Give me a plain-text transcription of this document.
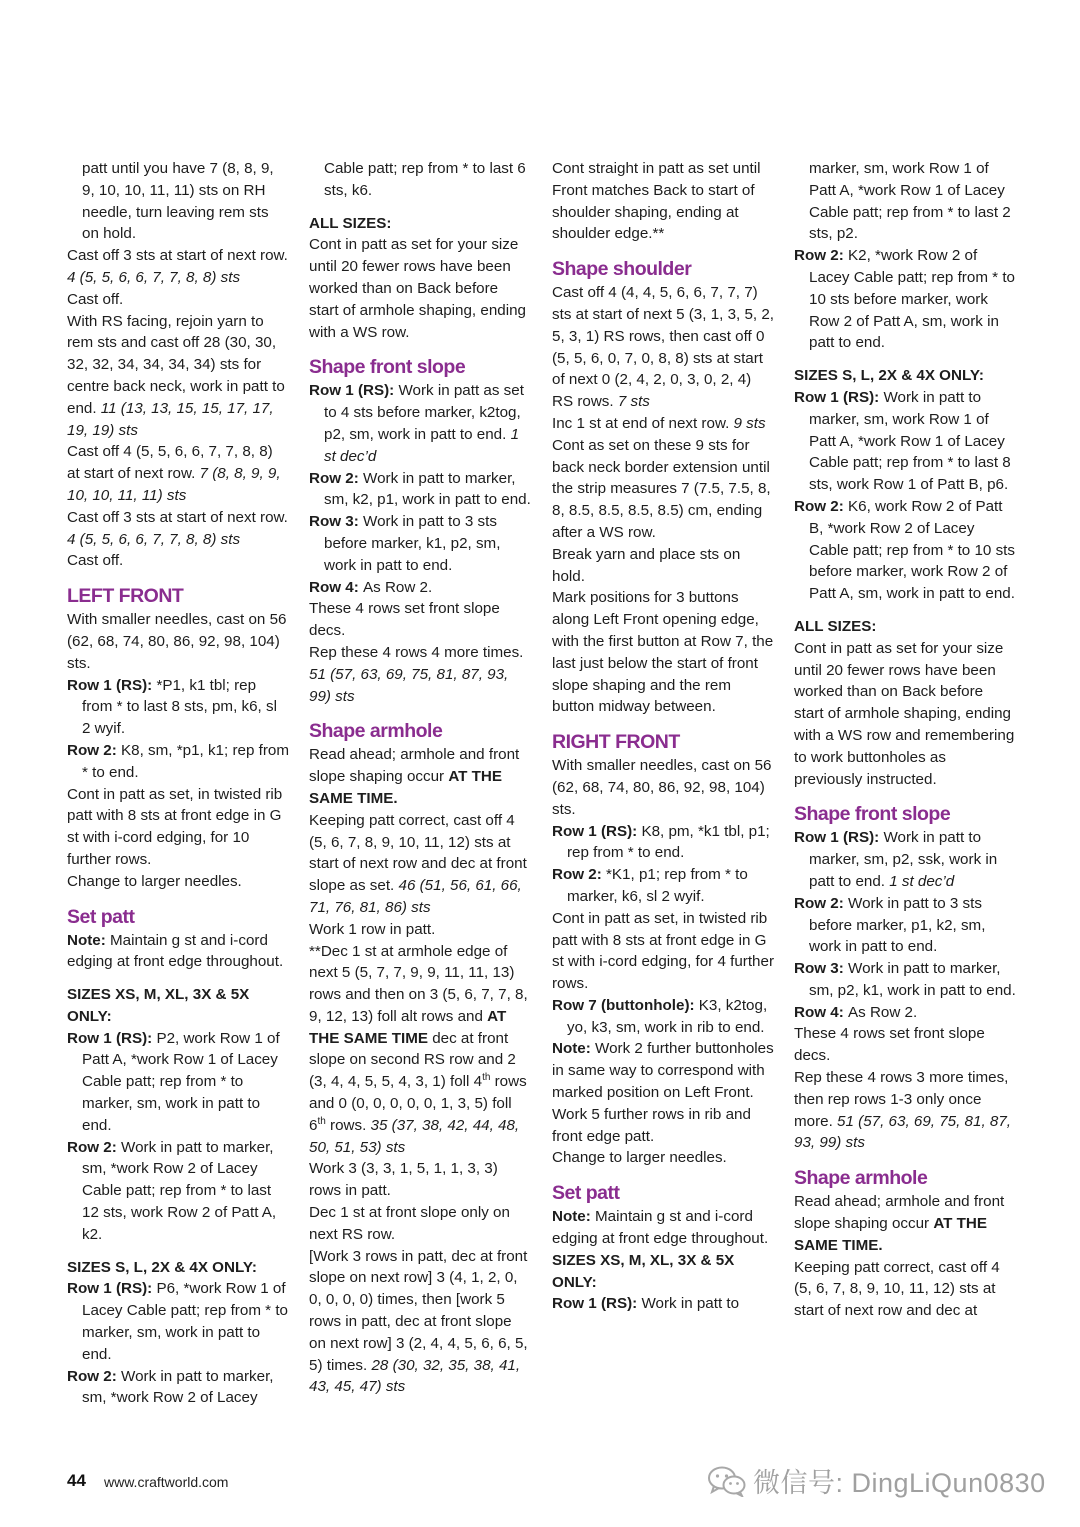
patt until you have 7 (8, 8, 9, 9, 10, 10, 11, 11) sts on RH needle, turn leaving rem sts on hold.

Cast off 3 sts at start of next row. 4 (5, 5, 6, 6, 7, 7, 8, 8) sts

Cast off.

With RS facing, rejoin yarn to rem sts and cast off 28 (30, 30, 32, 32, 34, 34, 34, 34) sts for centre back neck, work in patt to end. 11 (13, 13, 15, 15, 17, 17, 19, 19) sts

Cast off 4 (5, 5, 6, 6, 7, 7, 8, 8) at start of next row. 7 (8, 8, 9, 9, 10, 10, 11, 11) sts

Cast off 3 sts at start of next row. 4 (5, 5, 6, 6, 7, 7, 8, 8) sts

Cast off.

LEFT FRONT

With smaller needles, cast on 56 (62, 68, 74, 80, 86, 92, 98, 104) sts.

Row 1 (RS): *P1, k1 tbl; rep from * to last 8 sts, pm, k6, sl 2 wyif.

Row 2: K8, sm, *p1, k1; rep from * to end.

Cont in patt as set, in twisted rib patt with 8 sts at front edge in G st with i-cord edging, for 10 further rows.

Change to larger needles.

Set patt

Note: Maintain g st and i-cord edging at front edge throughout.

SIZES XS, M, XL, 3X & 5X ONLY:

Row 1 (RS): P2, work Row 1 of Patt A, *work Row 1 of Lacey Cable patt; rep from * to marker, sm, work in patt to end.

Row 2: Work in patt to marker, sm, *work Row 2 of Lacey Cable patt; rep from * to last 12 sts, work Row 2 of Patt A, k2.

SIZES S, L, 2X & 4X ONLY:

Row 1 (RS): P6, *work Row 1 of Lacey Cable patt; rep from * to marker, sm, work in patt to end.

Row 2: Work in patt to marker, sm, *work Row 2 of Lacey

Cable patt; rep from * to last 6 sts, k6.

ALL SIZES:

Cont in patt as set for your size until 20 fewer rows have been worked than on Back before start of armhole shaping, ending with a WS row.

Shape front slope

Row 1 (RS): Work in patt as set to 4 sts before marker, k2tog, p2, sm, work in patt to end. 1 st dec’d

Row 2: Work in patt to marker, sm, k2, p1, work in patt to end.

Row 3: Work in patt to 3 sts before marker, k1, p2, sm, work in patt to end.

Row 4: As Row 2.

These 4 rows set front slope decs.

Rep these 4 rows 4 more times. 51 (57, 63, 69, 75, 81, 87, 93, 99) sts

Shape armhole

Read ahead; armhole and front slope shaping occur AT THE SAME TIME.

Keeping patt correct, cast off 4 (5, 6, 7, 8, 9, 10, 11, 12) sts at start of next row and dec at front slope as set. 46 (51, 56, 61, 66, 71, 76, 81, 86) sts

Work 1 row in patt.

**Dec 1 st at armhole edge of next 5 (5, 7, 7, 9, 9, 11, 11, 13) rows and then on 3 (5, 6, 7, 7, 8, 9, 12, 13) foll alt rows and AT THE SAME TIME dec at front slope on second RS row and 2 (3, 4, 4, 5, 5, 4, 3, 1) foll 4th rows and 0 (0, 0, 0, 0, 0, 1, 3, 5) foll 6th rows. 35 (37, 38, 42, 44, 48, 50, 51, 53) sts

Work 3 (3, 3, 1, 5, 1, 1, 3, 3) rows in patt.

Dec 1 st at front slope only on next RS row.

[Work 3 rows in patt, dec at front slope on next row] 3 (4, 1, 2, 0, 0, 0, 0, 0) times, then [work 5 rows in patt, dec at front slope on next row] 3 (2, 4, 4, 5, 6, 6, 5, 5) times. 28 (30, 32, 35, 38, 41, 43, 45, 47) sts

Cont straight in patt as set until Front matches Back to start of shoulder shaping, ending at shoulder edge.**

Shape shoulder

Cast off 4 (4, 4, 5, 6, 6, 7, 7, 7) sts at start of next 5 (3, 1, 3, 5, 2, 5, 3, 1) RS rows, then cast off 0 (5, 5, 6, 0, 7, 0, 8, 8) sts at start of next 0 (2, 4, 2, 0, 3, 0, 2, 4) RS rows. 7 sts

Inc 1 st at end of next row. 9 sts

Cont as set on these 9 sts for back neck border extension until the strip measures 7 (7.5, 7.5, 8, 8, 8.5, 8.5, 8.5, 8.5) cm, ending after a WS row.

Break yarn and place sts on hold.

Mark positions for 3 buttons along Left Front opening edge, with the first button at Row 7, the last just below the start of front slope shaping and the rem button midway between.

RIGHT FRONT

With smaller needles, cast on 56 (62, 68, 74, 80, 86, 92, 98, 104) sts.

Row 1 (RS): K8, pm, *k1 tbl, p1; rep from * to end.

Row 2: *K1, p1; rep from * to marker, k6, sl 2 wyif.

Cont in patt as set, in twisted rib patt with 8 sts at front edge in G st with i-cord edging, for 4 further rows.

Row 7 (buttonhole): K3, k2tog, yo, k3, sm, work in rib to end.

Note: Work 2 further buttonholes in same way to correspond with marked position on Left Front.

Work 5 further rows in rib and front edge patt.

Change to larger needles.

Set patt

Note: Maintain g st and i-cord edging at front edge throughout.

SIZES XS, M, XL, 3X & 5X ONLY:

Row 1 (RS): Work in patt to

marker, sm, work Row 1 of Patt A, *work Row 1 of Lacey Cable patt; rep from * to last 2 sts, p2.

Row 2: K2, *work Row 2 of Lacey Cable patt; rep from * to 10 sts before marker, work Row 2 of Patt A, sm, work in patt to end.

SIZES S, L, 2X & 4X ONLY:

Row 1 (RS): Work in patt to marker, sm, work Row 1 of Patt A, *work Row 1 of Lacey Cable patt; rep from * to last 8 sts, work Row 1 of Patt B, p6.

Row 2: K6, work Row 2 of Patt B, *work Row 2 of Lacey Cable patt; rep from * to 10 sts before marker, work Row 2 of Patt A, sm, work in patt to end.

ALL SIZES:

Cont in patt as set for your size until 20 fewer rows have been worked than on Back before start of armhole shaping, ending with a WS row and remembering to work buttonholes as previously instructed.

Shape front slope

Row 1 (RS): Work in patt to marker, sm, p2, ssk, work in patt to end. 1 st dec’d

Row 2: Work in patt to 3 sts before marker, p1, k2, sm, work in patt to end.

Row 3: Work in patt to marker, sm, p2, k1, work in patt to end.

Row 4: As Row 2.

These 4 rows set front slope decs.

Rep these 4 rows 3 more times, then rep rows 1-3 only once more. 51 (57, 63, 69, 75, 81, 87, 93, 99) sts

Shape armhole

Read ahead; armhole and front slope shaping occur AT THE SAME TIME.

Keeping patt correct, cast off 4 (5, 6, 7, 8, 9, 10, 11, 12) sts at start of next row and dec at

44 www.craftworld.com	微信号: DingLiQun0830
